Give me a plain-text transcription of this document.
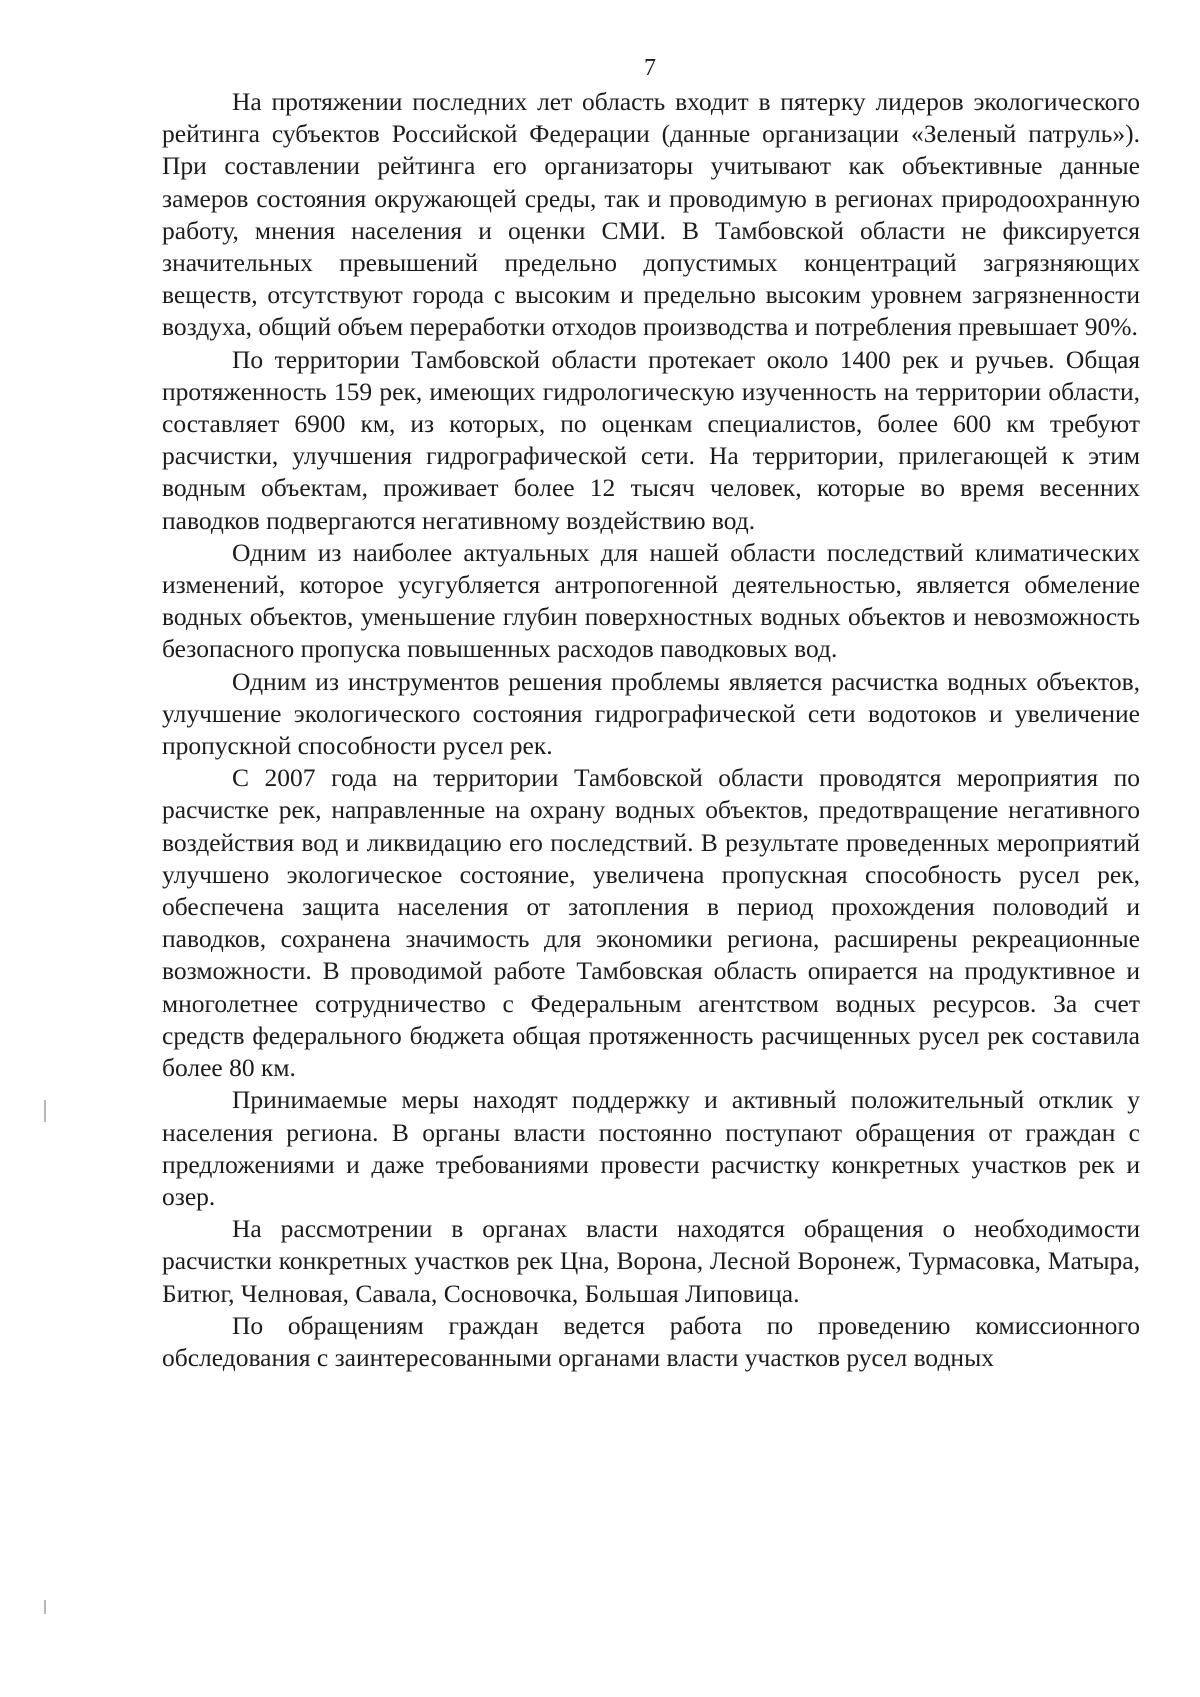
7

На протяжении последних лет область входит в пятерку лидеров экологического рейтинга субъектов Российской Федерации (данные организации «Зеленый патруль»). При составлении рейтинга его организаторы учитывают как объективные данные замеров состояния окружающей среды, так и проводимую в регионах природоохранную работу, мнения населения и оценки СМИ. В Тамбовской области не фиксируется значительных превышений предельно допустимых концентраций загрязняющих веществ, отсутствуют города с высоким и предельно высоким уровнем загрязненности воздуха, общий объем переработки отходов производства и потребления превышает 90%.

По территории Тамбовской области протекает около 1400 рек и ручьев. Общая протяженность 159 рек, имеющих гидрологическую изученность на территории области, составляет 6900 км, из которых, по оценкам специалистов, более 600 км требуют расчистки, улучшения гидрографической сети. На территории, прилегающей к этим водным объектам, проживает более 12 тысяч человек, которые во время весенних паводков подвергаются негативному воздействию вод.

Одним из наиболее актуальных для нашей области последствий климатических изменений, которое усугубляется антропогенной деятельностью, является обмеление водных объектов, уменьшение глубин поверхностных водных объектов и невозможность безопасного пропуска повышенных расходов паводковых вод.

Одним из инструментов решения проблемы является расчистка водных объектов, улучшение экологического состояния гидрографической сети водотоков и увеличение пропускной способности русел рек.

С 2007 года на территории Тамбовской области проводятся мероприятия по расчистке рек, направленные на охрану водных объектов, предотвращение негативного воздействия вод и ликвидацию его последствий. В результате проведенных мероприятий улучшено экологическое состояние, увеличена пропускная способность русел рек, обеспечена защита населения от затопления в период прохождения половодий и паводков, сохранена значимость для экономики региона, расширены рекреационные возможности. В проводимой работе Тамбовская область опирается на продуктивное и многолетнее сотрудничество с Федеральным агентством водных ресурсов. За счет средств федерального бюджета общая протяженность расчищенных русел рек составила более 80 км.

Принимаемые меры находят поддержку и активный положительный отклик у населения региона. В органы власти постоянно поступают обращения от граждан с предложениями и даже требованиями провести расчистку конкретных участков рек и озер.

На рассмотрении в органах власти находятся обращения о необходимости расчистки конкретных участков рек Цна, Ворона, Лесной Воронеж, Турмасовка, Матыра, Битюг, Челновая, Савала, Сосновочка, Большая Липовица.

По обращениям граждан ведется работа по проведению комиссионного обследования с заинтересованными органами власти участков русел водных
